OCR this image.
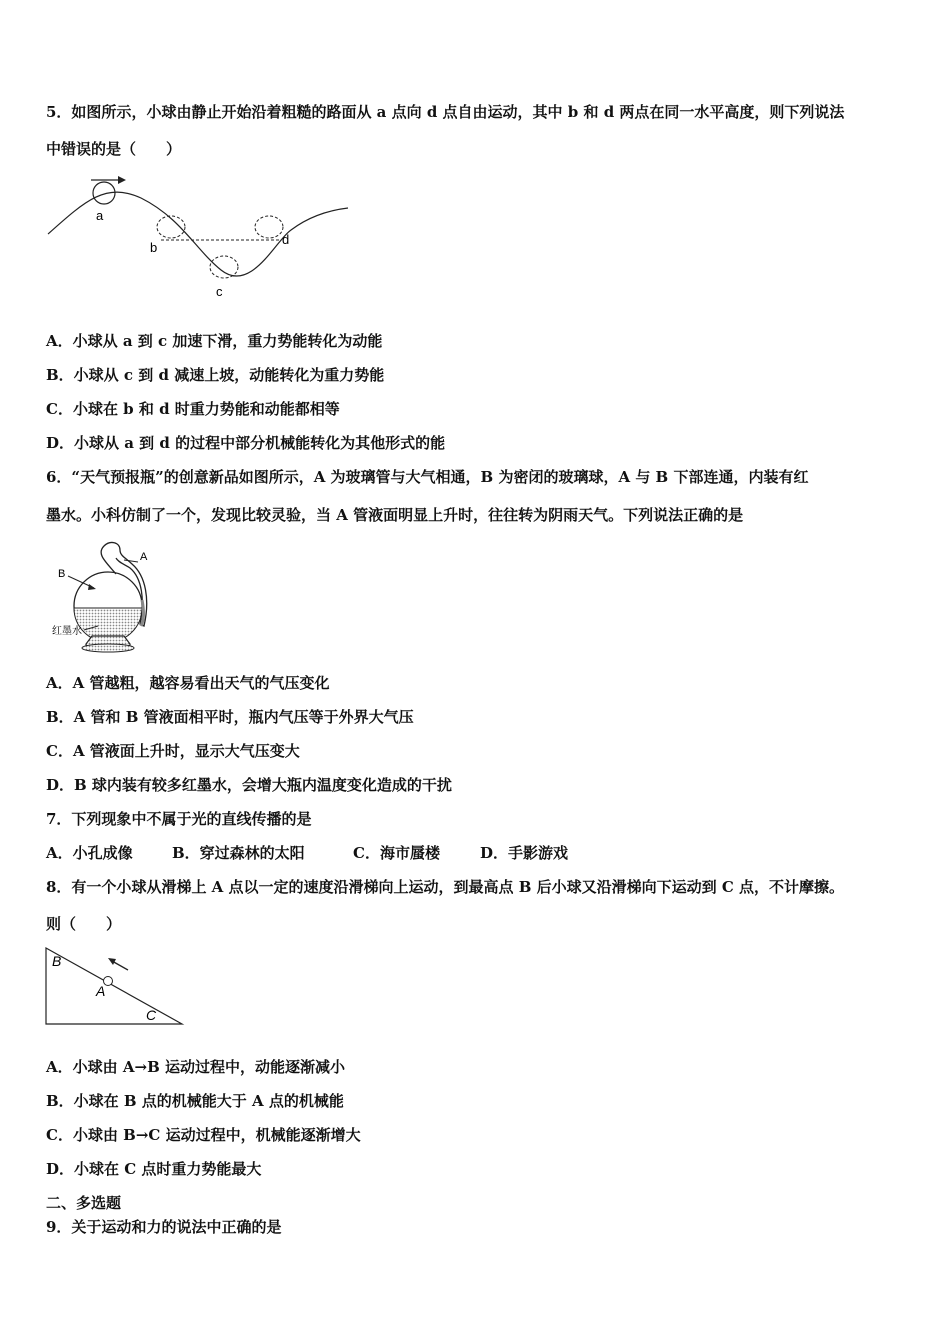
5．如图所示，小球由静止开始沿着粗糙的路面从 a 点向 d 点自由运动，其中 b 和 d 两点在同一水平高度，则下列说法
中错误的是（　　）
a
b
c
d
A．小球从 a 到 c 加速下滑，重力势能转化为动能
B．小球从 c 到 d 减速上坡，动能转化为重力势能
C．小球在 b 和 d 时重力势能和动能都相等
D．小球从 a 到 d 的过程中部分机械能转化为其他形式的能
6．“天气预报瓶”的创意新品如图所示，A 为玻璃管与大气相通，B 为密闭的玻璃球，A 与 B 下部连通，内装有红
墨水。小科仿制了一个，发现比较灵验，当 A 管液面明显上升时，往往转为阴雨天气。下列说法正确的是
A
B
红墨水
A．A 管越粗，越容易看出天气的气压变化
B．A 管和 B 管液面相平时，瓶内气压等于外界大气压
C．A 管液面上升时，显示大气压变大
D．B 球内装有较多红墨水，会增大瓶内温度变化造成的干扰
7．下列现象中不属于光的直线传播的是
A．小孔成像	B．穿过森林的太阳	C．海市蜃楼	D．手影游戏
8．有一个小球从滑梯上 A 点以一定的速度沿滑梯向上运动，到最高点 B 后小球又沿滑梯向下运动到 C 点，不计摩擦。
则（　　）
B
A
C
A．小球由 A→B 运动过程中，动能逐渐减小
B．小球在 B 点的机械能大于 A 点的机械能
C．小球由 B→C 运动过程中，机械能逐渐增大
D．小球在 C 点时重力势能最大
二、多选题
9．关于运动和力的说法中正确的是
